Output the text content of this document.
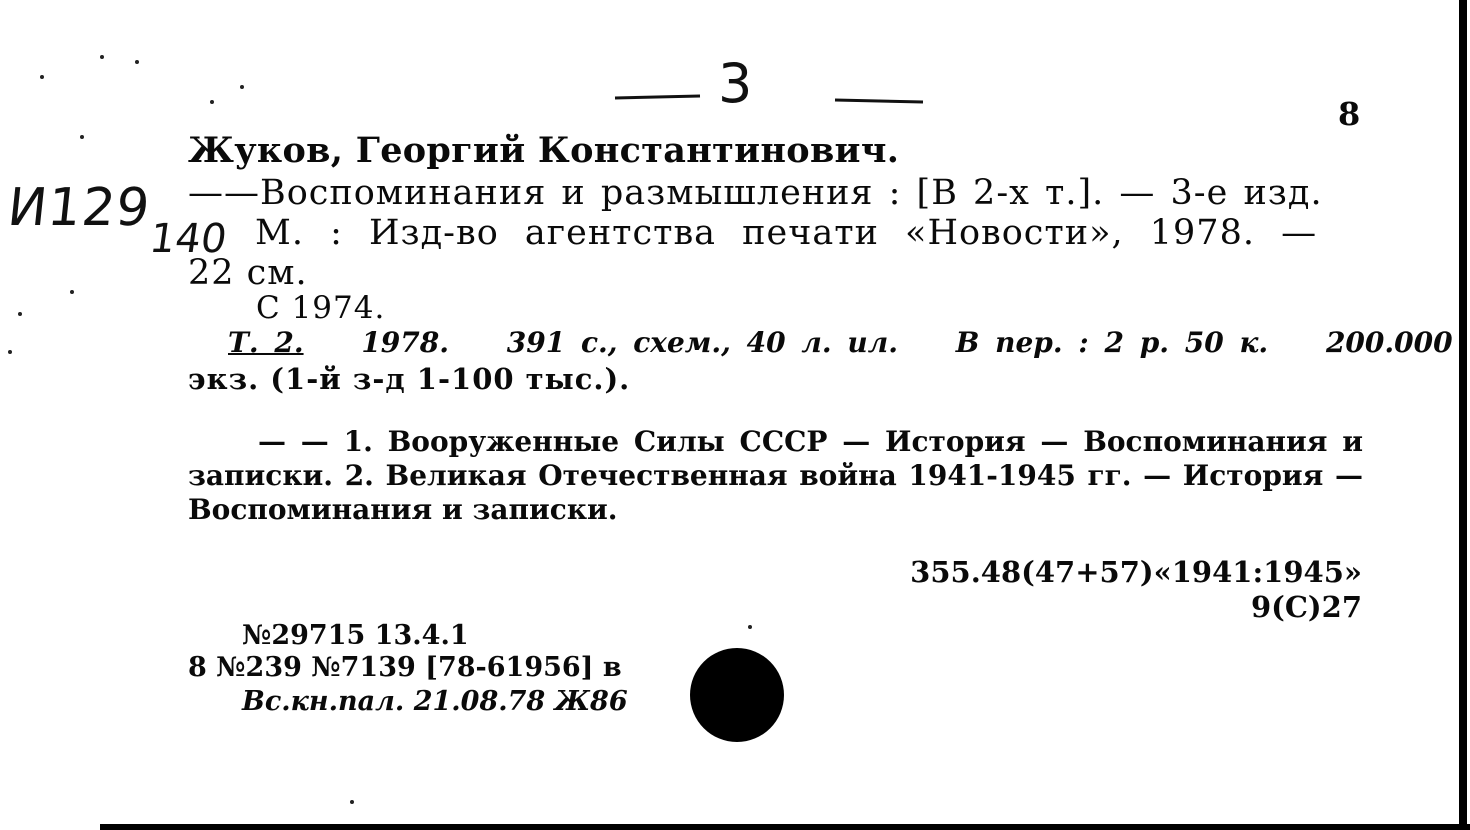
3
И129
140
8
Жуков, Георгий Константинович.
——Воспоминания и размышления : [В 2-х т.]. — 3-е изд.
М. : Изд-во агентства печати «Новости», 1978. —
22 см.
С 1974.
Т. 2. 1978. 391 с., схем., 40 л. ил. В пер. : 2 р. 50 к. 200.000
экз. (1-й з-д 1-100 тыс.).
— — 1. Вооруженные Силы СССР — История — Воспоминания и записки. 2. Великая Отечественная война 1941-1945 гг. — История — Воспоминания и записки.
355.48(47+57)«1941:1945»
9(С)27
№29715 13.4.1
8 №239 №7139 [78-61956] в
Вс.кн.пал. 21.08.78 Ж86
